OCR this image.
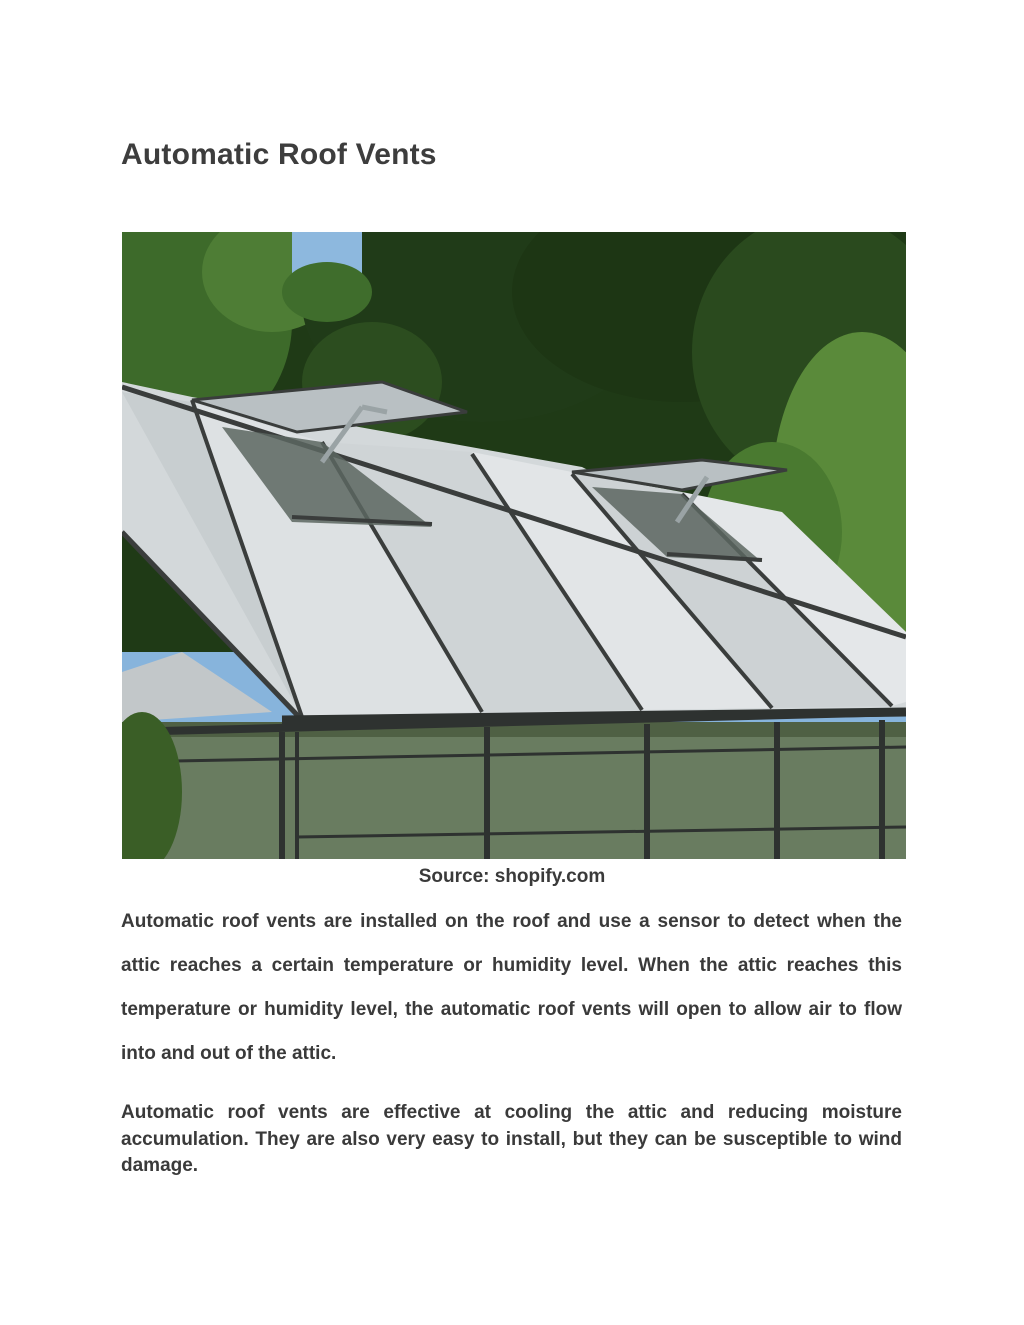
Automatic Roof Vents
Source: shopify.com

Automatic roof vents are installed on the roof and use a sensor to detect when the attic reaches a certain temperature or humidity level. When the attic reaches this temperature or humidity level, the automatic roof vents will open to allow air to flow into and out of the attic.

Automatic roof vents are effective at cooling the attic and reducing moisture accumulation. They are also very easy to install, but they can be susceptible to wind damage.
